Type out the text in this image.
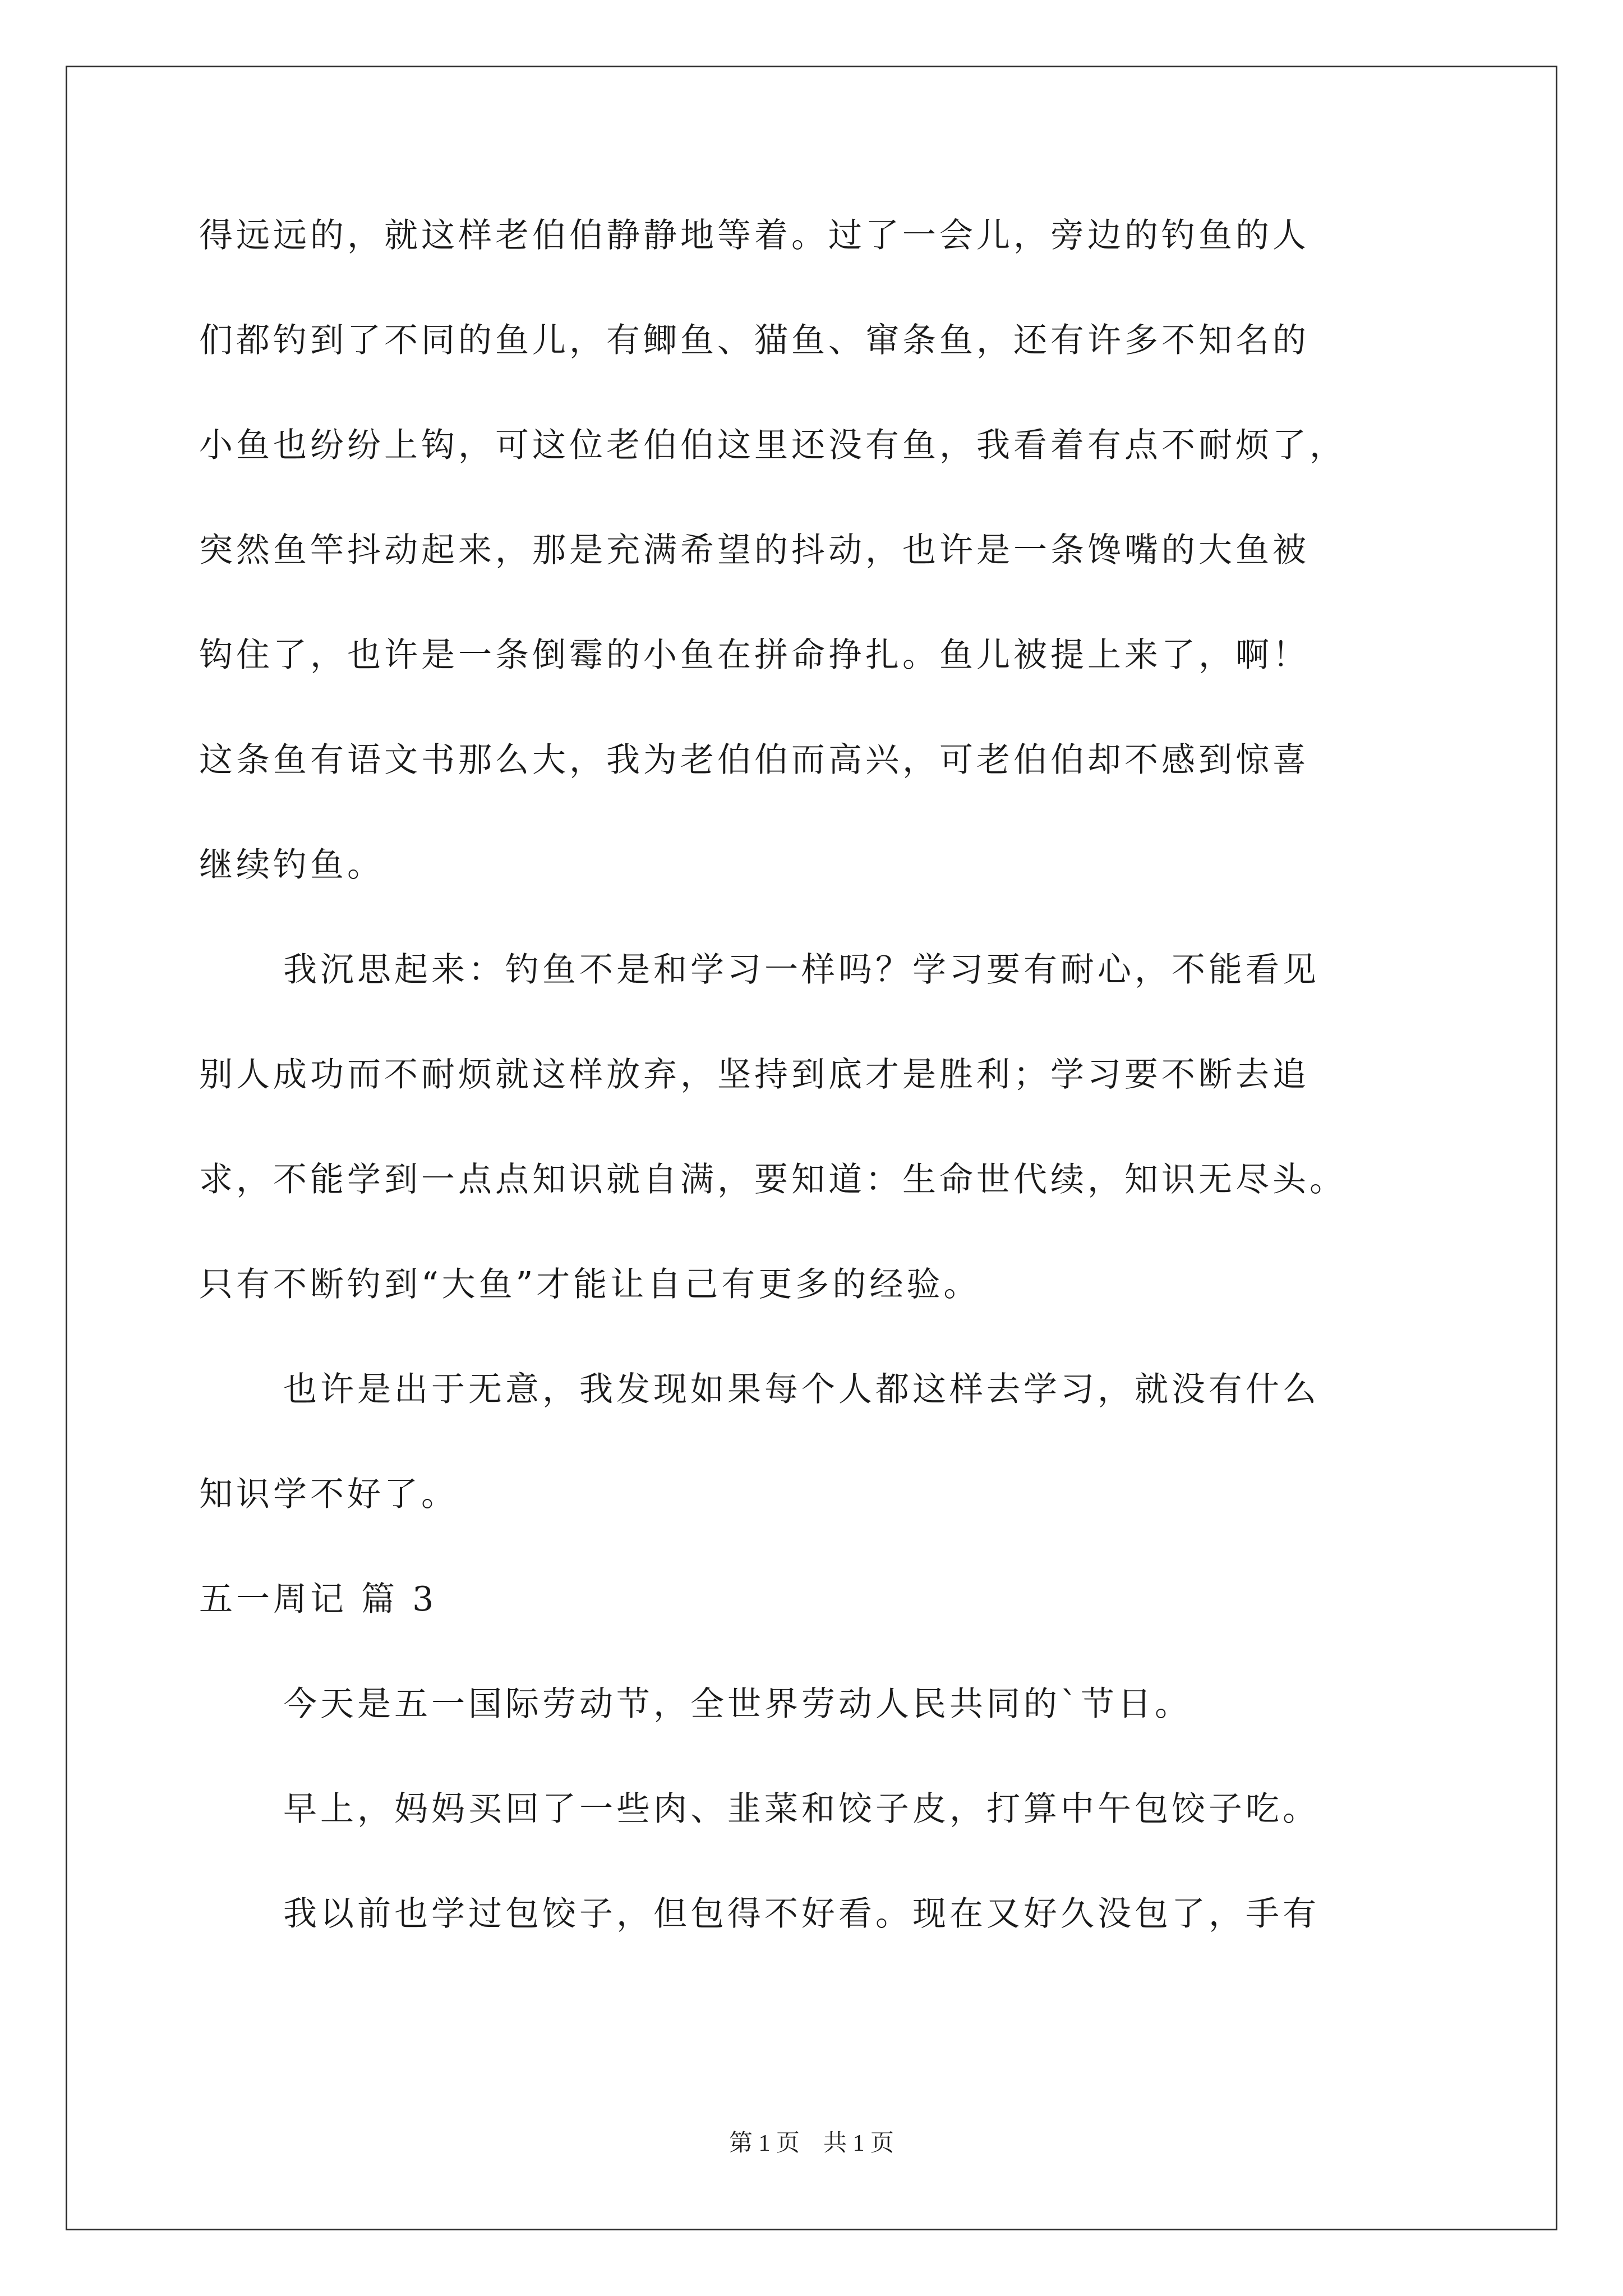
得远远的，就这样老伯伯静静地等着。过了一会儿，旁边的钓鱼的人
们都钓到了不同的鱼儿，有鲫鱼、猫鱼、窜条鱼，还有许多不知名的
小鱼也纷纷上钩，可这位老伯伯这里还没有鱼，我看着有点不耐烦了，
突然鱼竿抖动起来，那是充满希望的抖动，也许是一条馋嘴的大鱼被
钩住了，也许是一条倒霉的小鱼在拼命挣扎。鱼儿被提上来了，啊！
这条鱼有语文书那么大，我为老伯伯而高兴，可老伯伯却不感到惊喜
继续钓鱼。
我沉思起来：钓鱼不是和学习一样吗？学习要有耐心，不能看见
别人成功而不耐烦就这样放弃，坚持到底才是胜利；学习要不断去追
求，不能学到一点点知识就自满，要知道：生命世代续，知识无尽头。
只有不断钓到“大鱼”才能让自己有更多的经验。
也许是出于无意，我发现如果每个人都这样去学习，就没有什么
知识学不好了。
五一周记 篇 3
今天是五一国际劳动节，全世界劳动人民共同的`节日。
早上，妈妈买回了一些肉、韭菜和饺子皮，打算中午包饺子吃。
我以前也学过包饺子，但包得不好看。现在又好久没包了，手有
第 1 页　共 1 页
